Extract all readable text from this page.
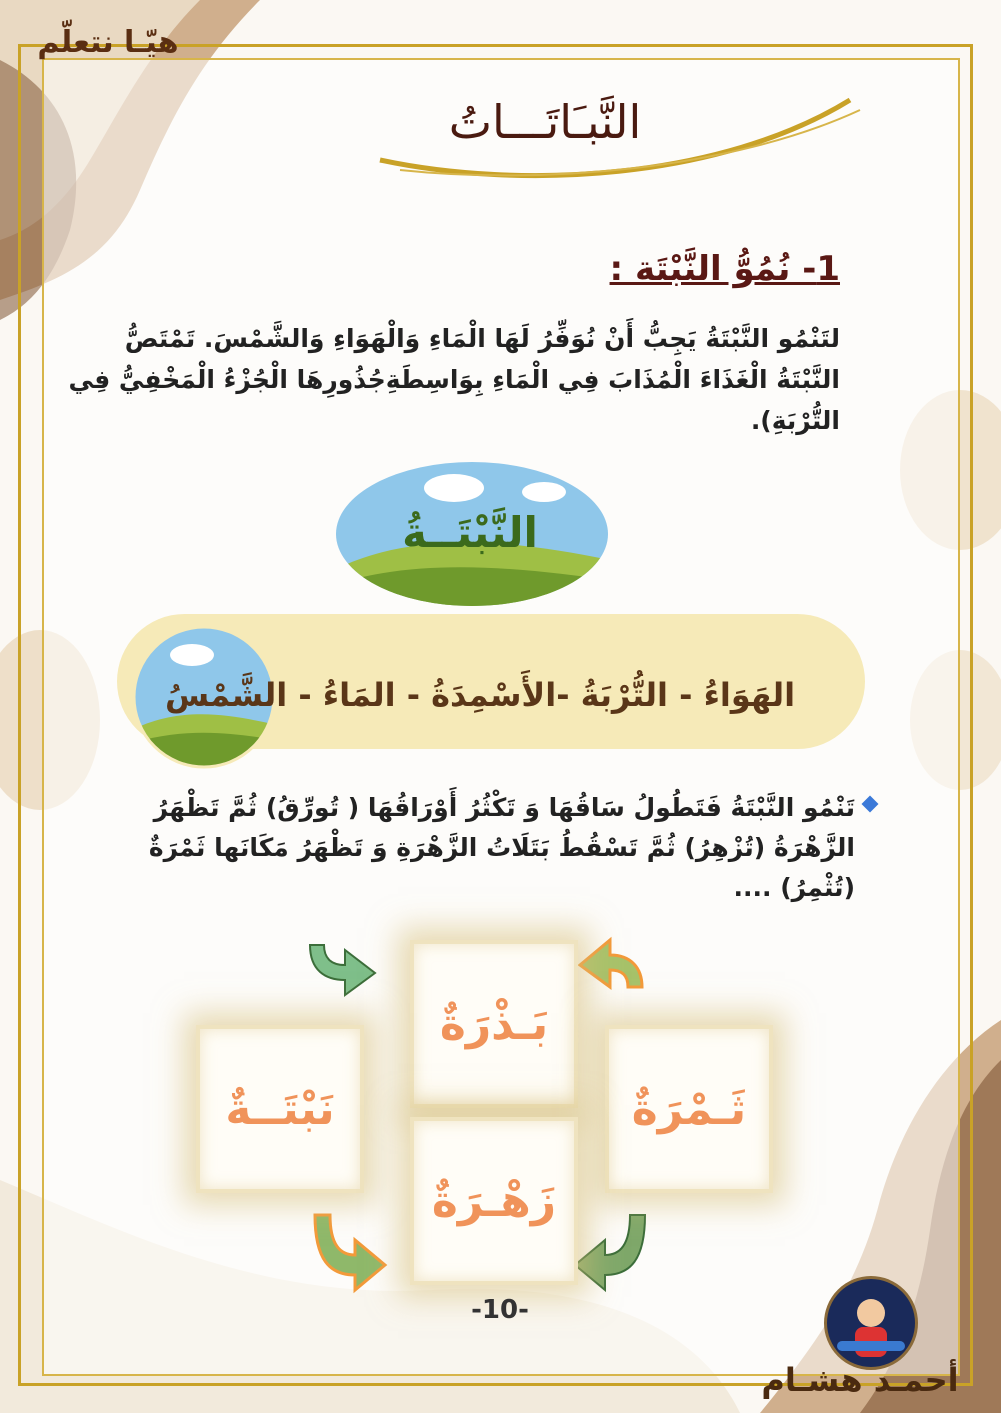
هيّـا نتعلّم
النَّبـَاتَـــاتُ
1- نُمُوُّ النَّبْتَة :
لتَنْمُو النَّبْتَةُ يَجِبُّ أَنْ نُوَفِّرُ لَهَا الْمَاءِ وَالْهَوَاءِ وَالشَّمْسَ. تَمْتَصُّ النَّبْتَةُ الْغَذَاءَ الْمُذَابَ فِي الْمَاءِ بِوَاسِطَةِجُذُورِهَا الْجُزْءُ الْمَخْفِيُّ فِي التُّرْبَةِ).
النَّبْتَــةُ
الهَوَاءُ - التُّرْبَةُ -الأَسْمِدَةُ - المَاءُ - الشَّمْسُ
تَنْمُو النَّبْتَةُ فَتَطُولُ سَاقُهَا وَ تَكْثُرُ أَوْرَاقُهَا ( تُورِّقُ) ثُمَّ تَظْهَرُ الزَّهْرَةُ (تُزْهِرُ) ثُمَّ تَسْقُطُ بَتَلَاتُ الزَّهْرَةِ وَ تَظْهَرُ مَكَانَها ثَمْرَةٌ (تُثْمِرُ) ....
بَـذْرَةٌ
نَبْتَــةٌ	ثَـمْرَةٌ
زَهْـرَةٌ
-10-
أحمـد هشـام
